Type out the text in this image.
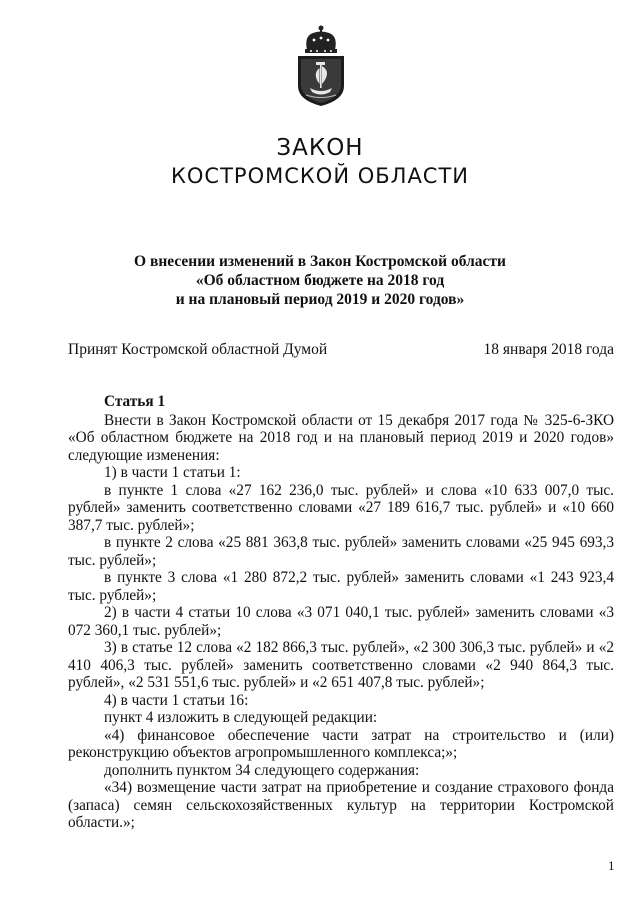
ЗАКОН
КОСТРОМСКОЙ ОБЛАСТИ
О внесении изменений в Закон Костромской области
«Об областном бюджете на 2018 год
и на плановый период 2019 и 2020 годов»
Принят Костромской областной Думой	18 января 2018 года
Статья 1

Внести в Закон Костромской области от 15 декабря 2017 года № 325-6-ЗКО «Об областном бюджете на 2018 год и на плановый период 2019 и 2020 годов» следующие изменения:

1) в части 1 статьи 1:

в пункте 1 слова «27 162 236,0 тыс. рублей» и слова «10 633 007,0 тыс. рублей» заменить соответственно словами «27 189 616,7 тыс. рублей» и «10 660 387,7 тыс. рублей»;

в пункте 2 слова «25 881 363,8 тыс. рублей» заменить словами «25 945 693,3 тыс. рублей»;

в пункте 3 слова «1 280 872,2 тыс. рублей» заменить словами «1 243 923,4 тыс. рублей»;

2) в части 4 статьи 10 слова «3 071 040,1 тыс. рублей» заменить словами «3 072 360,1 тыс. рублей»;

3) в статье 12 слова «2 182 866,3 тыс. рублей», «2 300 306,3 тыс. рублей» и «2 410 406,3 тыс. рублей» заменить соответственно словами «2 940 864,3 тыс. рублей», «2 531 551,6 тыс. рублей» и «2 651 407,8 тыс. рублей»;

4) в части 1 статьи 16:

пункт 4 изложить в следующей редакции:

«4) финансовое обеспечение части затрат на строительство и (или) реконструкцию объектов агропромышленного комплекса;»;

дополнить пунктом 34 следующего содержания:

«34) возмещение части затрат на приобретение и создание страхового фонда (запаса) семян сельскохозяйственных культур на территории Костромской области.»;

1
